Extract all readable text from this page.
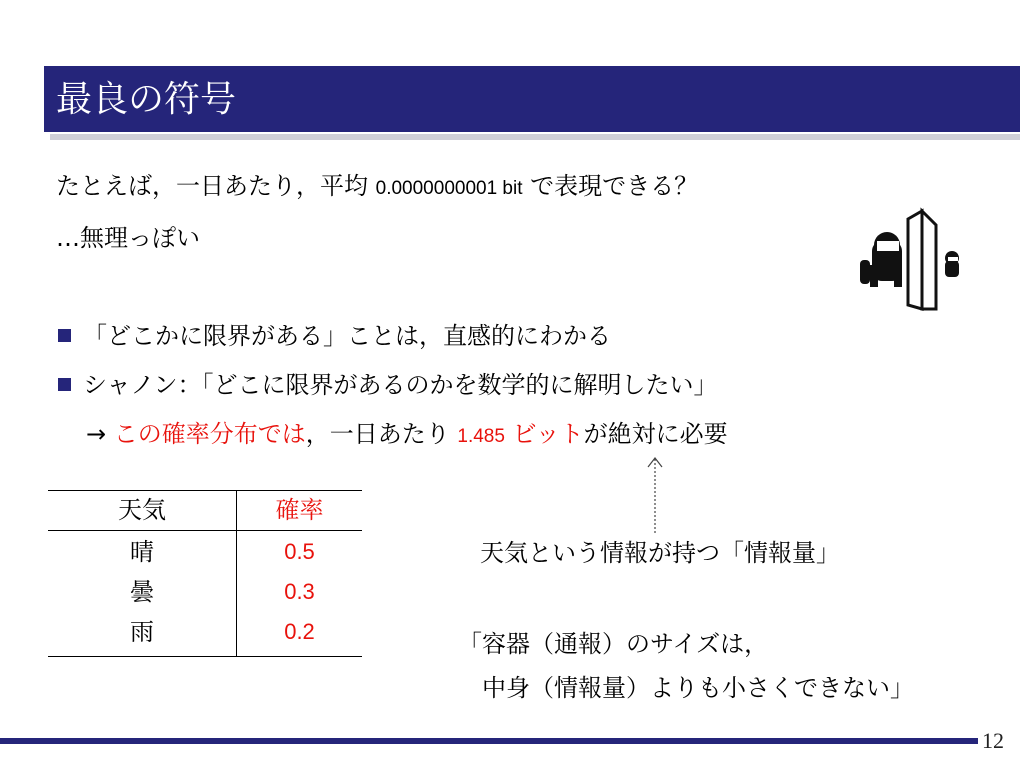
最良の符号
たとえば，一日あたり，平均 0.0000000001 bit で表現できる？
…無理っぽい
「どこかに限界がある」ことは，直感的にわかる
シャノン：「どこに限界があるのかを数学的に解明したい」
→ この確率分布では，一日あたり 1.485 ビットが絶対に必要
天気	確率
晴	0.5
曇	0.3
雨	0.2
天気という情報が持つ「情報量」
「容器（通報）のサイズは，
中身（情報量）よりも小さくできない」
12
